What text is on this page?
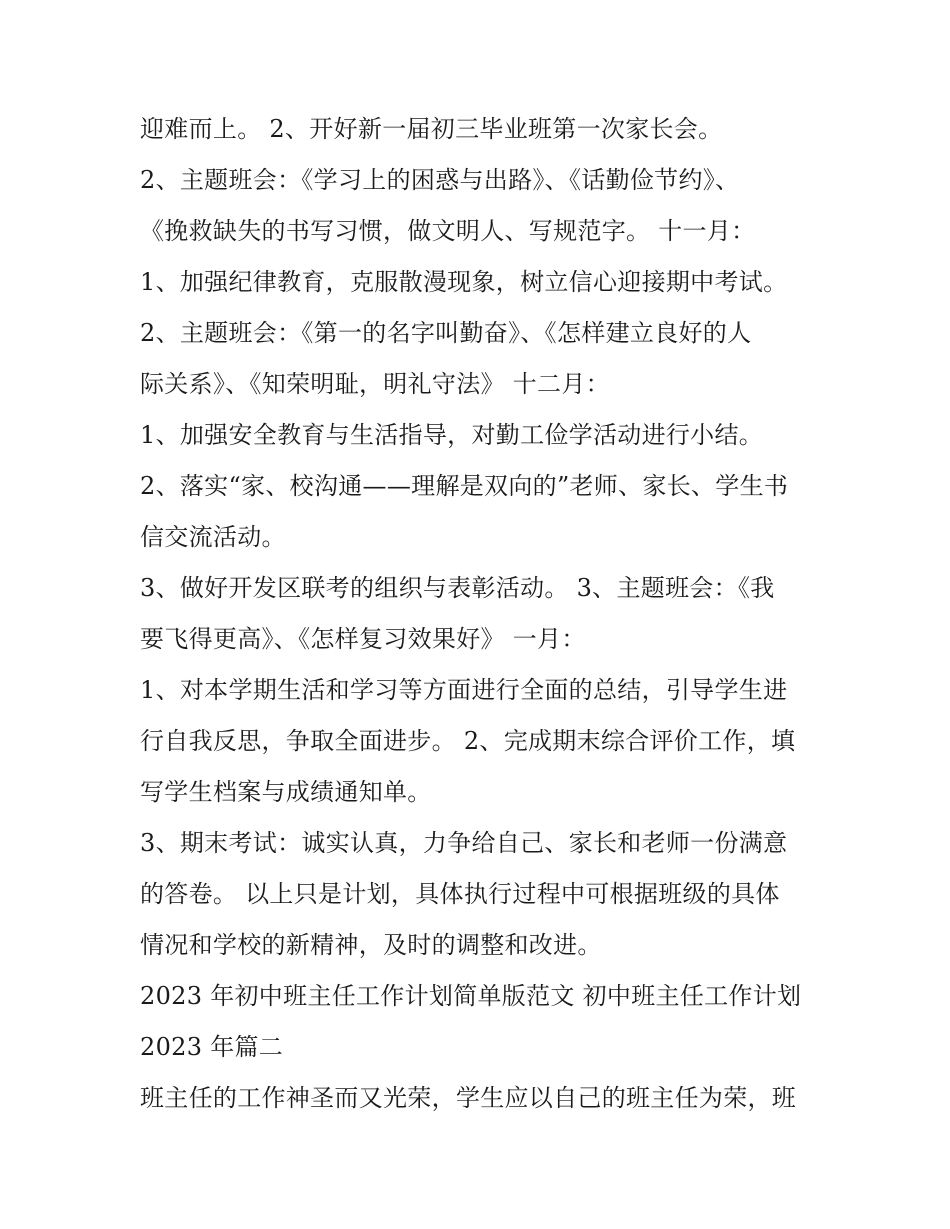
迎难而上。 2、开好新一届初三毕业班第一次家长会。
2、主题班会：《学习上的困惑与出路》、《话勤俭节约》、
《挽救缺失的书写习惯，做文明人、写规范字。 十一月：
1、加强纪律教育，克服散漫现象，树立信心迎接期中考试。
2、主题班会：《第一的名字叫勤奋》、《怎样建立良好的人
际关系》、《知荣明耻，明礼守法》 十二月：
1、加强安全教育与生活指导，对勤工俭学活动进行小结。
2、落实“家、校沟通——理解是双向的”老师、家长、学生书
信交流活动。
3、做好开发区联考的组织与表彰活动。 3、主题班会：《我
要飞得更高》、《怎样复习效果好》 一月：
1、对本学期生活和学习等方面进行全面的总结，引导学生进
行自我反思，争取全面进步。 2、完成期末综合评价工作，填
写学生档案与成绩通知单。
3、期末考试：诚实认真，力争给自己、家长和老师一份满意
的答卷。 以上只是计划，具体执行过程中可根据班级的具体
情况和学校的新精神，及时的调整和改进。
2023 年初中班主任工作计划简单版范文 初中班主任工作计划
2023 年篇二
班主任的工作神圣而又光荣，学生应以自己的班主任为荣，班
